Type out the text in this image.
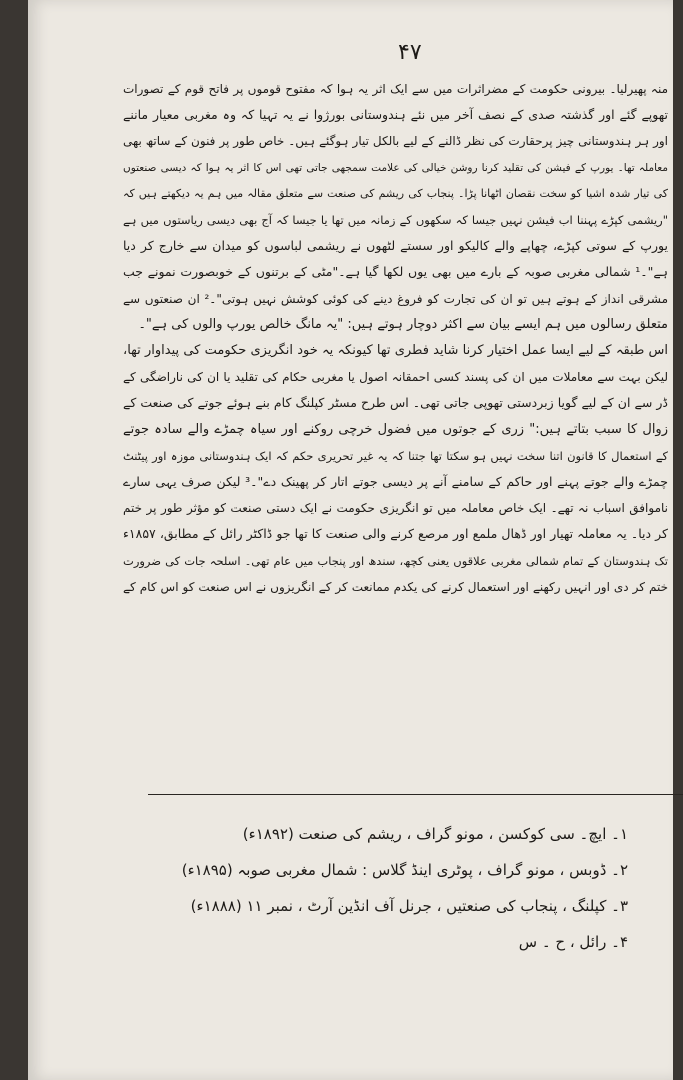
۴۷
منہ پھیرلیا۔ بیرونی حکومت کے مضراثرات میں سے ایک اثر یہ ہوا کہ مفتوح قوموں پر فاتح قوم کے تصورات
تھوپے گئے اور گذشتہ صدی کے نصف آخر میں نئے ہندوستانی بورژوا نے یہ تہیا کہ وہ مغربی معیار ماننے
اور ہر ہندوستانی چیز پرحقارت کی نظر ڈالنے کے لیے بالکل تیار ہوگئے ہیں۔ خاص طور پر فنون کے ساتھ بھی
معاملہ تھا۔ یورپ کے فیشن کی تقلید کرنا روشن خیالی کی علامت سمجھی جاتی تھی اس کا اثر یہ ہوا کہ دیسی صنعتوں
کی تیار شدہ اشیا کو سخت نقصان اٹھانا پڑا۔ پنجاب کی ریشم کی صنعت سے متعلق مقالہ میں ہم یہ دیکھتے ہیں کہ
"ریشمی کپڑے پہننا اب فیشن نہیں جیسا کہ سکھوں کے زمانہ میں تھا یا جیسا کہ آج بھی دیسی ریاستوں میں ہے
یورپ کے سوتی کپڑے، چھاپے والے کالیکو اور سستے لٹھوں نے ریشمی لباسوں کو میدان سے خارج کر دیا
ہے"۔¹ شمالی مغربی صوبہ کے بارے میں بھی یوں لکھا گیا ہے۔"مٹی کے برتنوں کے خوبصورت نمونے جب
مشرقی انداز کے ہوتے ہیں تو ان کی تجارت کو فروغ دینے کی کوئی کوشش نہیں ہوتی"۔² ان صنعتوں سے
متعلق رسالوں میں ہم ایسے بیان سے اکثر دوچار ہوتے ہیں: "یہ مانگ خالص یورپ والوں کی ہے"۔
اس طبقہ کے لیے ایسا عمل اختیار کرنا شاید فطری تھا کیونکہ یہ خود انگریزی حکومت کی پیداوار تھا،
لیکن بہت سے معاملات میں ان کی پسند کسی احمقانہ اصول یا مغربی حکام کی تقلید یا ان کی ناراضگی کے
ڈر سے ان کے لیے گویا زبردستی تھوپی جاتی تھی۔ اس طرح مسٹر کپلنگ کام بنے ہوئے جوتے کی صنعت کے
زوال کا سبب بتاتے ہیں:" زری کے جوتوں میں فضول خرچی روکنے اور سیاہ چمڑے والے سادہ جوتے
کے استعمال کا قانون اتنا سخت نہیں ہو سکتا تھا جتنا کہ یہ غیر تحریری حکم کہ ایک ہندوستانی موزہ اور پیٹنٹ
چمڑے والے جوتے پہنے اور حاکم کے سامنے آنے پر دیسی جوتے اتار کر پھینک دے"۔³ لیکن صرف یہی سارے
ناموافق اسباب نہ تھے۔ ایک خاص معاملہ میں تو انگریزی حکومت نے ایک دستی صنعت کو مؤثر طور پر ختم
کر دیا۔ یہ معاملہ تھیار اور ڈھال ملمع اور مرصع کرنے والی صنعت کا تھا جو ڈاکٹر رائل کے مطابق، ۱۸۵۷ء
تک ہندوستان کے تمام شمالی مغربی علاقوں یعنی کچھ، سندھ اور پنجاب میں عام تھی۔ اسلحہ جات کی ضرورت
ختم کر دی اور انہیں رکھنے اور استعمال کرنے کی یکدم ممانعت کر کے انگریزوں نے اس صنعت کو اس کام کے
۱۔ ایچ۔ سی کوکسن ، مونو گراف ، ریشم کی صنعت (۱۸۹۲ء)
۲۔ ڈوبس ، مونو گراف ، پوٹری اینڈ گلاس : شمال مغربی صوبہ (۱۸۹۵ء)
۳۔ کپلنگ ، پنجاب کی صنعتیں ، جرنل آف انڈین آرٹ ، نمبر ۱۱ (۱۸۸۸ء)
۴۔ رائل ، ح ۔ س
